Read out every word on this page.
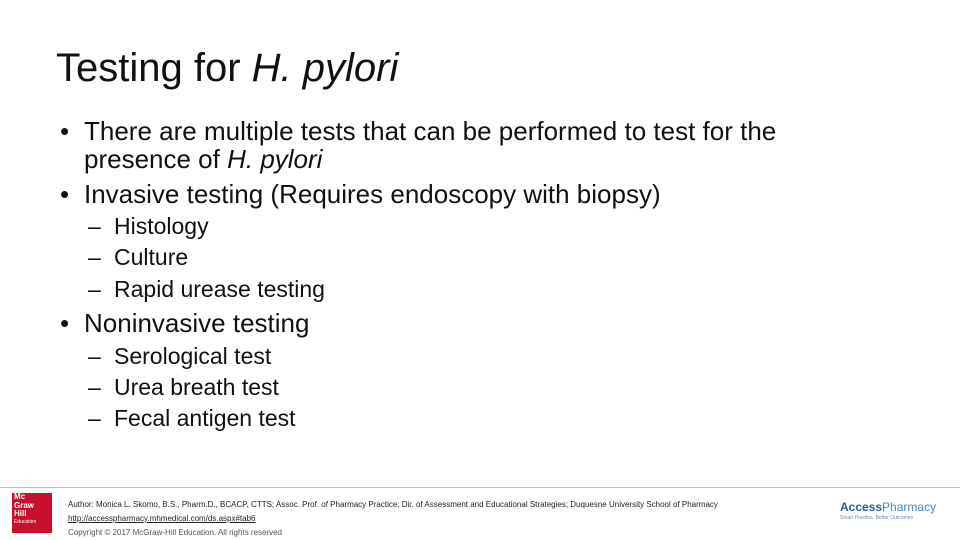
Testing for H. pylori
• There are multiple tests that can be performed to test for the
presence of H. pylori
• Invasive testing (Requires endoscopy with biopsy)
– Histology
– Culture
– Rapid urease testing
• Noninvasive testing
– Serological test
– Urea breath test
– Fecal antigen test
Mc
Graw
Hill
Education
Author: Monica L. Skomo, B.S., Pharm.D., BCACP, CTTS; Assoc. Prof. of Pharmacy Practice; Dir. of Assessment and Educational Strategies; Duquesne University School of Pharmacy
http://accesspharmacy.mhmedical.com/ds.aspx#tab6
Copyright © 2017 McGraw-Hill Education. All rights reserved
AccessPharmacy
Smart Practice. Better Outcomes
